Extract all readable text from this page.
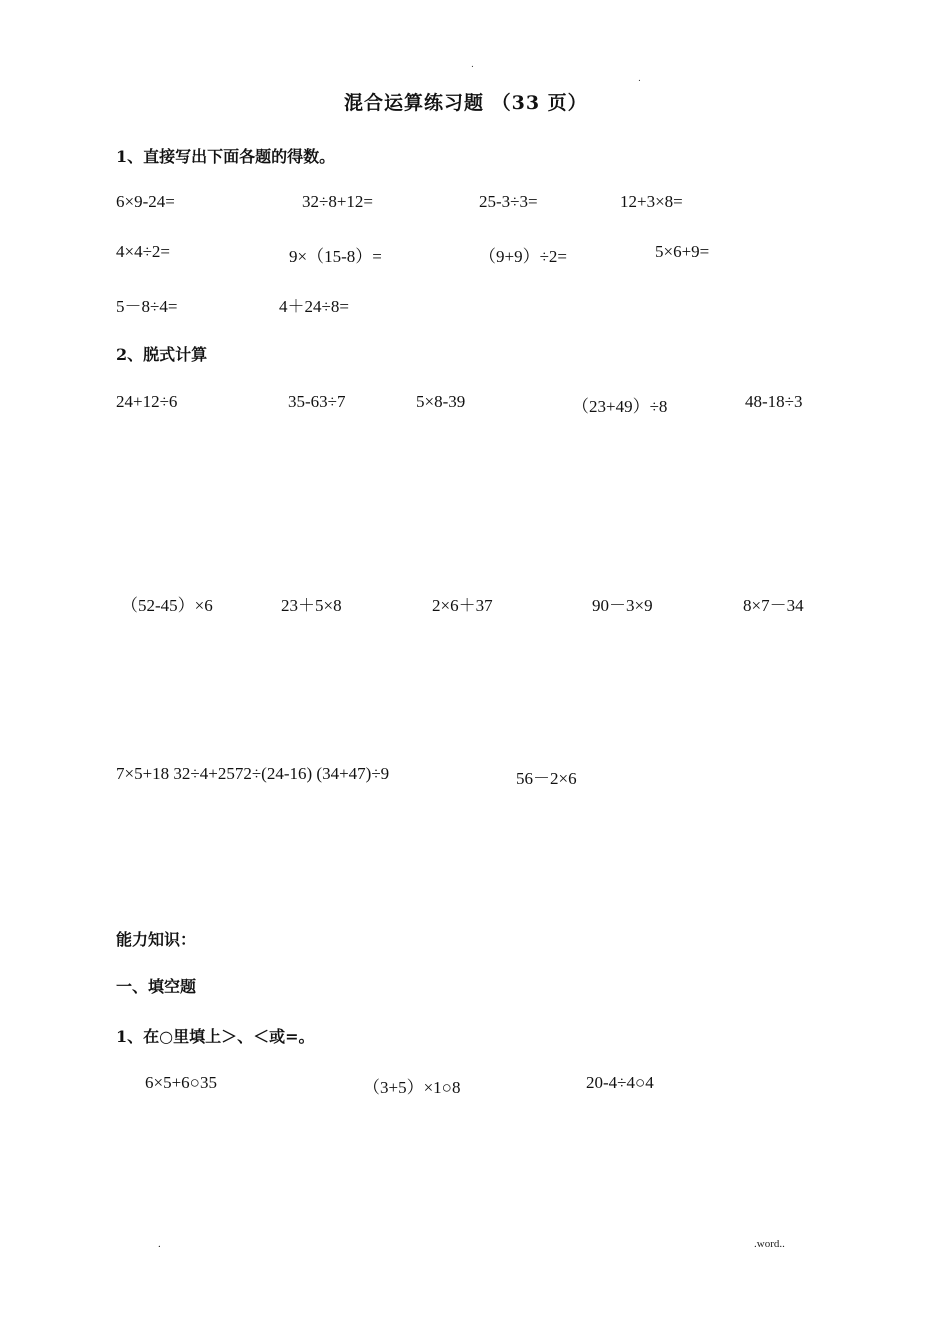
.
.
混合运算练习题 （33 页）
1、直接写出下面各题的得数。
6×9-24=	32÷8+12=	25-3÷3=	12+3×8=
4×4÷2=	9×（15-8）=	（9+9）÷2=	5×6+9=
5－8÷4=	4＋24÷8=
2、脱式计算
24+12÷6	35-63÷7	5×8-39	（23+49）÷8	48-18÷3
（52-45）×6	23＋5×8	2×6＋37	90－3×9	8×7－34
7×5+18 32÷4+2572÷(24-16) (34+47)÷9	56－2×6
能力知识：
一、填空题
1、在○里填上＞、＜或=。
6×5+6○35	（3+5）×1○8	20-4÷4○4
.	.word..
